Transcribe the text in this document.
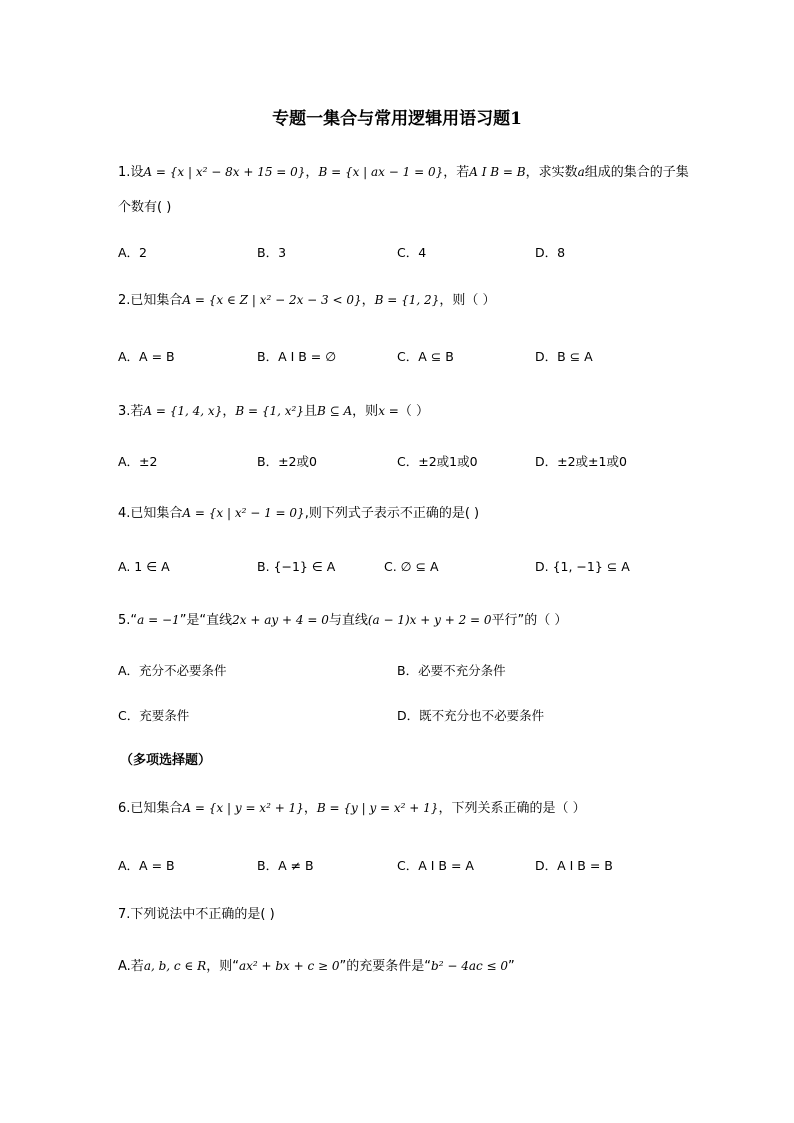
专题一集合与常用逻辑用语习题1
1.设A = {x | x² − 8x + 15 = 0}，B = {x | ax − 1 = 0}，若A I B = B，求实数a组成的集合的子集
个数有( )
A．2	B．3	C．4	D．8
2.已知集合A = {x ∈ Z | x² − 2x − 3 < 0}，B = {1, 2}，则（ ）
A．A = B	B．A I B = ∅	C．A ⊆ B	D．B ⊆ A
3.若A = {1, 4, x}，B = {1, x²}且B ⊆ A，则x =（ ）
A．±2	B．±2或0	C．±2或1或0	D．±2或±1或0
4.已知集合A = {x | x² − 1 = 0},则下列式子表示不正确的是( )
A. 1 ∈ A	B. {−1} ∈ A	C. ∅ ⊆ A	D. {1, −1} ⊆ A
5.“a = −1”是“直线2x + ay + 4 = 0与直线(a − 1)x + y + 2 = 0平行”的（ ）
A．充分不必要条件	B．必要不充分条件
C．充要条件	D．既不充分也不必要条件
（多项选择题）
6.已知集合A = {x | y = x² + 1}，B = {y | y = x² + 1}，下列关系正确的是（ ）
A．A = B	B．A ≠ B	C．A I B = A	D．A I B = B
7.下列说法中不正确的是( )
A.若a, b, c ∈ R，则“ax² + bx + c ≥ 0”的充要条件是“b² − 4ac ≤ 0”
